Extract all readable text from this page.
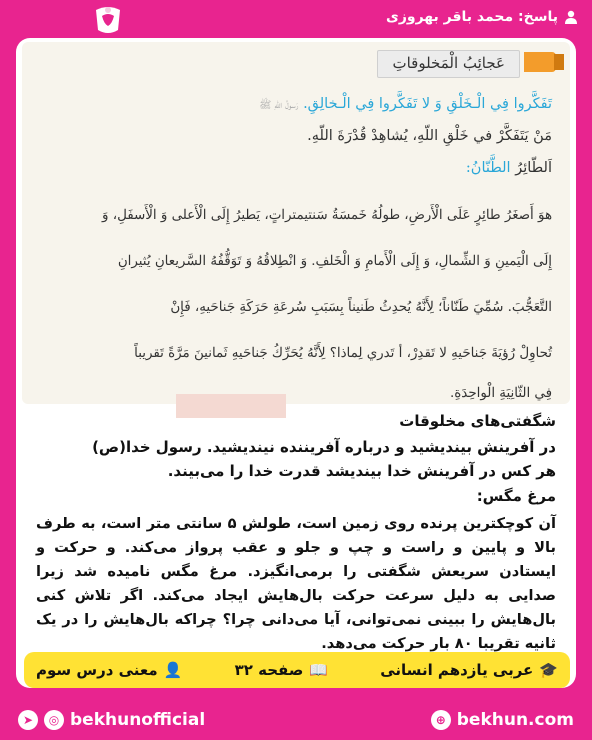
پاسخ: محمد باقر بهروزی
عَجائِبُ الْمَخلوقاتِ
تَفَكَّروا فِي الْـخَلْقِ وَ لا تَفَكَّروا فِي الْـخالِقِ. رَسولُ اللهِ ﷺ
مَنْ يَتَفَكَّرْ في خَلْقِ اللّهِ، يُشاهِدْ قُدْرَةَ اللّهِ.
اَلطّائِرُ الطَّنّانُ:
هوَ أَصغَرُ طائِرٍ عَلَى الْأَرضِ، طولُهُ خَمسَةُ سَنتيمتراتٍ، يَطيرُ إِلَى الْأَعلى وَ الْأَسفَلِ، وَ
إِلَى الْيَمينِ وَ الشِّمالِ، وَ إِلَى الْأَمامِ وَ الْخَلفِ. وَ انْطِلاقُهُ وَ تَوَقُّفُهُ السَّريعانِ يُثيرانِ
التَّعَجُّبَ. سُمِّيَ طَنّاناً؛ لِأَنَّهُ يُحدِثُ طَنيناً بِسَبَبِ سُرعَةِ حَرَكَةِ جَناحَيهِ، فَإِنْ
تُحاوِلْ رُؤيَةَ جَناحَيهِ لا تَقدِرْ، أ تَدري لِماذا؟ لِأَنَّهُ يُحَرِّكُ جَناحَيهِ ثَمانينَ مَرَّةً تَقريباً
فِي الثّانِيَةِ الْواحِدَةِ.
شگفتی‌های مخلوقات
در آفرینش بیندیشید و درباره آفریننده نیندیشید. رسول خدا(ص)
هر کس در آفرینش خدا بیندیشد قدرت خدا را می‌بیند.
مرغ مگس:
آن کوچکترین پرنده روی زمین است، طولش ۵ سانتی متر است، به طرف بالا و پایین و راست و چپ و جلو و عقب پرواز می‌کند. و حرکت و ایستادن سریعش شگفتی را برمی‌انگیزد. مرغ مگس نامیده شد زیرا صدایی به دلیل سرعت حرکت بال‌هایش ایجاد می‌کند. اگر تلاش کنی بال‌هایش را ببینی نمی‌توانی، آیا می‌دانی چرا؟ چراکه بال‌هایش را در یک ثانیه تقریبا ۸۰ بار حرکت می‌دهد.
🎓
عربی یازدهم انسانی
📖
صفحه ۳۲
👤
معنی درس سوم
➤	◎ bekhunofficial	⊕ bekhun.com
